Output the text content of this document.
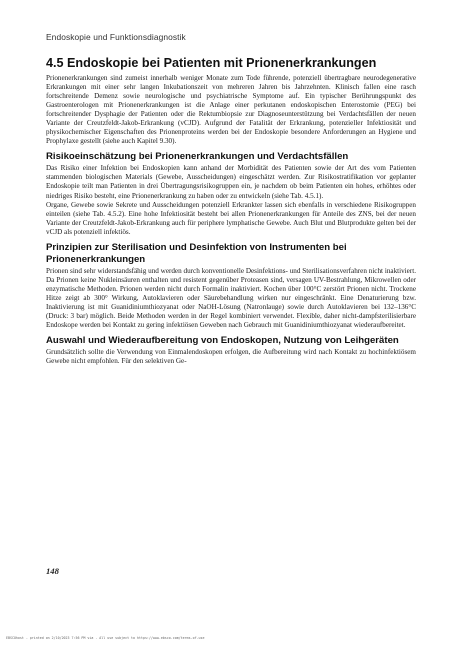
Endoskopie und Funktionsdiagnostik
4.5 Endoskopie bei Patienten mit Prionenerkrankungen

Prionenerkrankungen sind zumeist innerhalb weniger Monate zum Tode führende, potenziell übertragbare neurodegenerative Erkrankungen mit einer sehr langen Inkubationszeit von mehreren Jahren bis Jahrzehnten. Klinisch fallen eine rasch fortschreitende Demenz sowie neurologische und psychiatrische Symptome auf. Ein typischer Berührungspunkt des Gastroenterologen mit Prionenerkrankungen ist die Anlage einer perkutanen endoskopischen Enterostomie (PEG) bei fortschreitender Dysphagie der Patienten oder die Rektumbiopsie zur Diagnoseunterstützung bei Verdachtsfällen der neuen Variante der Creutzfeldt-Jakob-Erkrankung (vCJD). Aufgrund der Fatalität der Erkrankung, potenzieller Infektiosität und physikochemischer Eigenschaften des Prionenproteins werden bei der Endoskopie besondere Anforderungen an Hygiene und Prophylaxe gestellt (siehe auch Kapitel 9.30).

Risikoeinschätzung bei Prionenerkrankungen und Verdachtsfällen

Das Risiko einer Infektion bei Endoskopien kann anhand der Morbidität des Patienten sowie der Art des vom Patienten stammenden biologischen Materials (Gewebe, Ausscheidungen) eingeschätzt werden. Zur Risikostratifikation vor geplanter Endoskopie teilt man Patienten in drei Übertragungsrisikogruppen ein, je nachdem ob beim Patienten ein hohes, erhöhtes oder niedriges Risiko besteht, eine Prionenerkrankung zu haben oder zu entwickeln (siehe Tab. 4.5.1).

Organe, Gewebe sowie Sekrete und Ausscheidungen potenziell Erkrankter lassen sich ebenfalls in verschiedene Risikogruppen einteilen (siehe Tab. 4.5.2). Eine hohe Infektiosität besteht bei allen Prionenerkrankungen für Anteile des ZNS, bei der neuen Variante der Creutzfeldt-Jakob-Erkrankung auch für periphere lymphatische Gewebe. Auch Blut und Blutprodukte gelten bei der vCJD als potenziell infektiös.

Prinzipien zur Sterilisation und Desinfektion von Instrumenten bei Prionenerkrankungen

Prionen sind sehr widerstandsfähig und werden durch konventionelle Desinfektions- und Sterilisationsverfahren nicht inaktiviert. Da Prionen keine Nukleinsäuren enthalten und resistent gegenüber Proteasen sind, versagen UV-Bestrahlung, Mikrowellen oder enzymatische Methoden. Prionen werden nicht durch Formalin inaktiviert. Kochen über 100°C zerstört Prionen nicht. Trockene Hitze zeigt ab 300° Wirkung, Autoklavieren oder Säurebehandlung wirken nur eingeschränkt. Eine Denaturierung bzw. Inaktivierung ist mit Guanidiniumthiozyanat oder NaOH-Lösung (Natronlauge) sowie durch Autoklavieren bei 132–136°C (Druck: 3 bar) möglich. Beide Methoden werden in der Regel kombiniert verwendet. Flexible, daher nicht-dampfsterilisierbare Endoskope werden bei Kontakt zu gering infektiösen Geweben nach Gebrauch mit Guanidiniumthiozyanat wiederaufbereitet.

Auswahl und Wiederaufbereitung von Endoskopen, Nutzung von Leihgeräten

Grundsätzlich sollte die Verwendung von Einmalendoskopen erfolgen, die Aufbereitung wird nach Kontakt zu hochinfektiösem Gewebe nicht empfohlen. Für den selektiven Ge-

148
EBSCOhost - printed on 2/10/2023 7:56 PM via . All use subject to https://www.ebsco.com/terms-of-use
